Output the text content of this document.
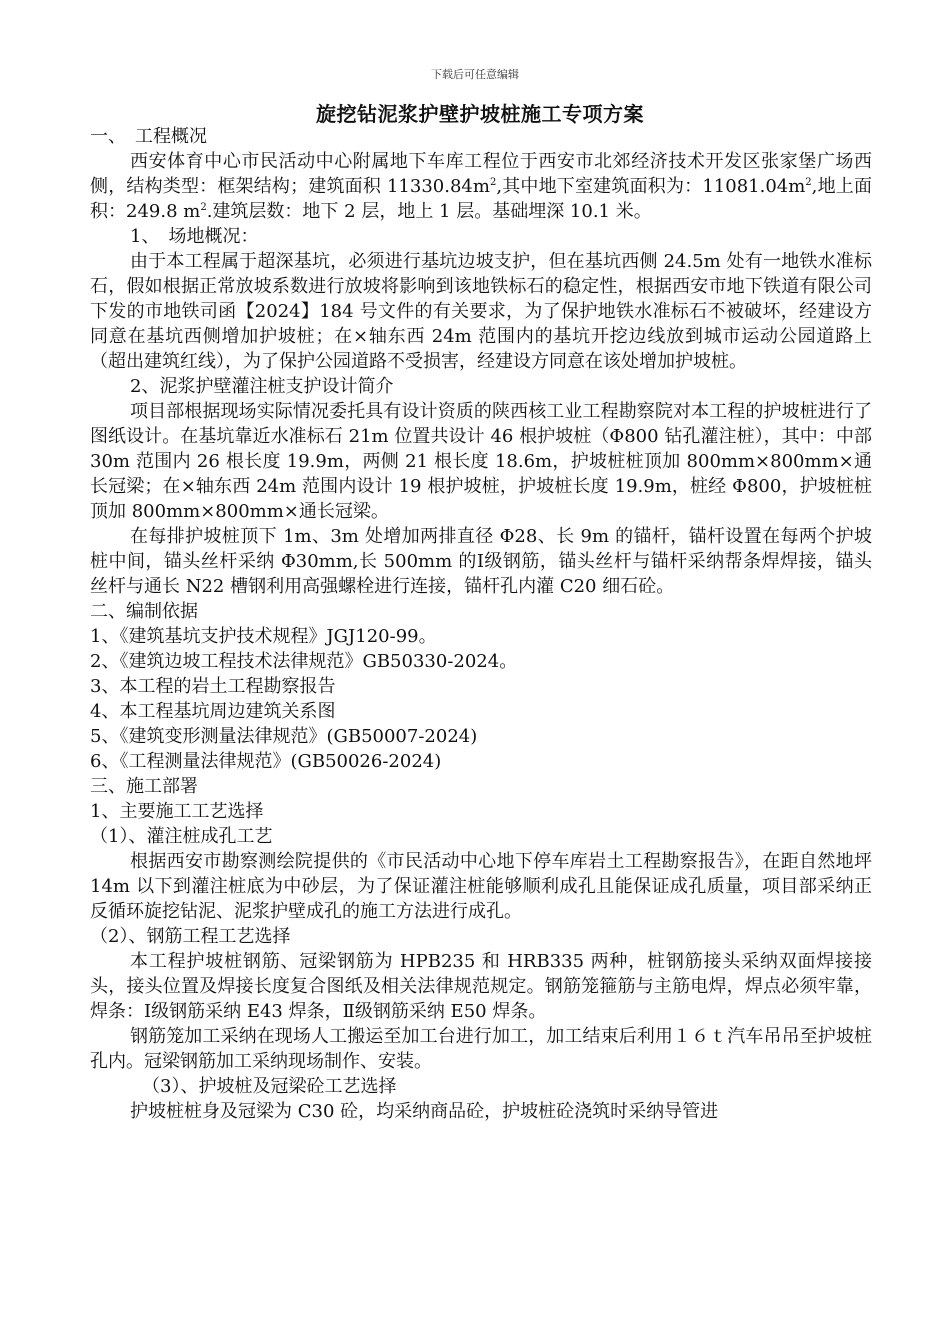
下载后可任意编辑
旋挖钻泥浆护壁护坡桩施工专项方案

一、　工程概况

西安体育中心市民活动中心附属地下车库工程位于西安市北郊经济技术开发区张家堡广场西侧，结构类型：框架结构；建筑面积 $11330.84m^2$,其中地下室建筑面积为：$11081.04m^2$,地上面积：249.8 $m^2$.建筑层数：地下 2 层，地上 1 层。基础埋深 10.1 米。

1、　场地概况：

由于本工程属于超深基坑，必须进行基坑边坡支护，但在基坑西侧 24.5m 处有一地铁水准标石，假如根据正常放坡系数进行放坡将影响到该地铁标石的稳定性，根据西安市地下铁道有限公司下发的市地铁司函【2024】184 号文件的有关要求，为了保护地铁水准标石不被破坏，经建设方同意在基坑西侧增加护坡桩；在×轴东西 24m 范围内的基坑开挖边线放到城市运动公园道路上（超出建筑红线），为了保护公园道路不受损害，经建设方同意在该处增加护坡桩。

2、泥浆护壁灌注桩支护设计简介

项目部根据现场实际情况委托具有设计资质的陕西核工业工程勘察院对本工程的护坡桩进行了图纸设计。在基坑靠近水准标石 21m 位置共设计 46 根护坡桩（Φ800 钻孔灌注桩），其中：中部 30m 范围内 26 根长度 19.9m，两侧 21 根长度 18.6m，护坡桩桩顶加 800mm×800mm×通长冠梁；在×轴东西 24m 范围内设计 19 根护坡桩，护坡桩长度 19.9m，桩经 Φ800，护坡桩桩顶加 800mm×800mm×通长冠梁。

在每排护坡桩顶下 1m、3m 处增加两排直径 Φ28、长 9m 的锚杆，锚杆设置在每两个护坡桩中间，锚头丝杆采纳 Φ30mm,长 500mm 的Ⅰ级钢筋，锚头丝杆与锚杆采纳帮条焊焊接，锚头丝杆与通长 N22 槽钢利用高强螺栓进行连接，锚杆孔内灌 C20 细石砼。

二、编制依据

1、《建筑基坑支护技术规程》JGJ120-99。

2、《建筑边坡工程技术法律规范》GB50330-2024。

3、本工程的岩土工程勘察报告

4、本工程基坑周边建筑关系图

5、《建筑变形测量法律规范》(GB50007-2024)

6、《工程测量法律规范》(GB50026-2024)

三、施工部署

1、主要施工工艺选择

（1）、灌注桩成孔工艺

根据西安市勘察测绘院提供的《市民活动中心地下停车库岩土工程勘察报告》，在距自然地坪 14m 以下到灌注桩底为中砂层，为了保证灌注桩能够顺利成孔且能保证成孔质量，项目部采纳正反循环旋挖钻泥、泥浆护壁成孔的施工方法进行成孔。

（2）、钢筋工程工艺选择

本工程护坡桩钢筋、冠梁钢筋为 HPB235 和 HRB335 两种，桩钢筋接头采纳双面焊接接头，接头位置及焊接长度复合图纸及相关法律规范规定。钢筋笼箍筋与主筋电焊，焊点必须牢靠，焊条：Ⅰ级钢筋采纳 E43 焊条，Ⅱ级钢筋采纳 E50 焊条。

钢筋笼加工采纳在现场人工搬运至加工台进行加工，加工结束后利用１６ｔ汽车吊吊至护坡桩孔内。冠梁钢筋加工采纳现场制作、安装。

（3）、护坡桩及冠梁砼工艺选择

护坡桩桩身及冠梁为 C30 砼，均采纳商品砼，护坡桩砼浇筑时采纳导管进
